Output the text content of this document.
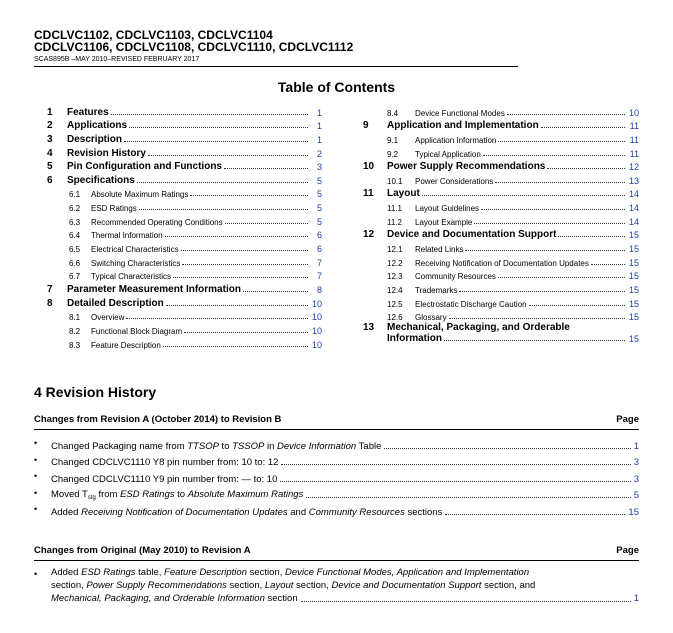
CDCLVC1102, CDCLVC1103, CDCLVC1104
CDCLVC1106, CDCLVC1108, CDCLVC1110, CDCLVC1112
SCAS895B –MAY 2010–REVISED FEBRUARY 2017
Table of Contents
1	Features	1
2	Applications	1
3	Description	1
4	Revision History	2
5	Pin Configuration and Functions	3
6	Specifications	5
6.1	Absolute Maximum Ratings	5
6.2	ESD Ratings	5
6.3	Recommended Operating Conditions	5
6.4	Thermal Information	6
6.5	Electrical Characteristics	6
6.6	Switching Characteristics	7
6.7	Typical Characteristics	7
7	Parameter Measurement Information	8
8	Detailed Description	10
8.1	Overview	10
8.2	Functional Block Diagram	10
8.3	Feature Description	10
8.4	Device Functional Modes	10
9	Application and Implementation	11
9.1	Application Information	11
9.2	Typical Application	11
10	Power Supply Recommendations	12
10.1	Power Considerations	13
11	Layout	14
11.1	Layout Guidelines	14
11.2	Layout Example	14
12	Device and Documentation Support	15
12.1	Related Links	15
12.2	Receiving Notification of Documentation Updates	15
12.3	Community Resources	15
12.4	Trademarks	15
12.5	Electrostatic Discharge Caution	15
12.6	Glossary	15
13	Mechanical, Packaging, and Orderable
Information	15
4 Revision History
Changes from Revision A (October 2014) to Revision B	Page
• Changed Packaging name from TTSOP to TSSOP in Device Information Table	1
• Changed CDCLVC1110 Y8 pin number from: 10 to: 12	3
• Changed CDCLVC1110 Y9 pin number from: — to: 10	3
• Moved $T_{stg}$ from ESD Ratings to Absolute Maximum Ratings	5
• Added Receiving Notification of Documentation Updates and Community Resources sections	15
Changes from Original (May 2010) to Revision A	Page
• Added ESD Ratings table, Feature Description section, Device Functional Modes, Application and Implementation
section, Power Supply Recommendations section, Layout section, Device and Documentation Support section, and
Mechanical, Packaging, and Orderable Information section	1
